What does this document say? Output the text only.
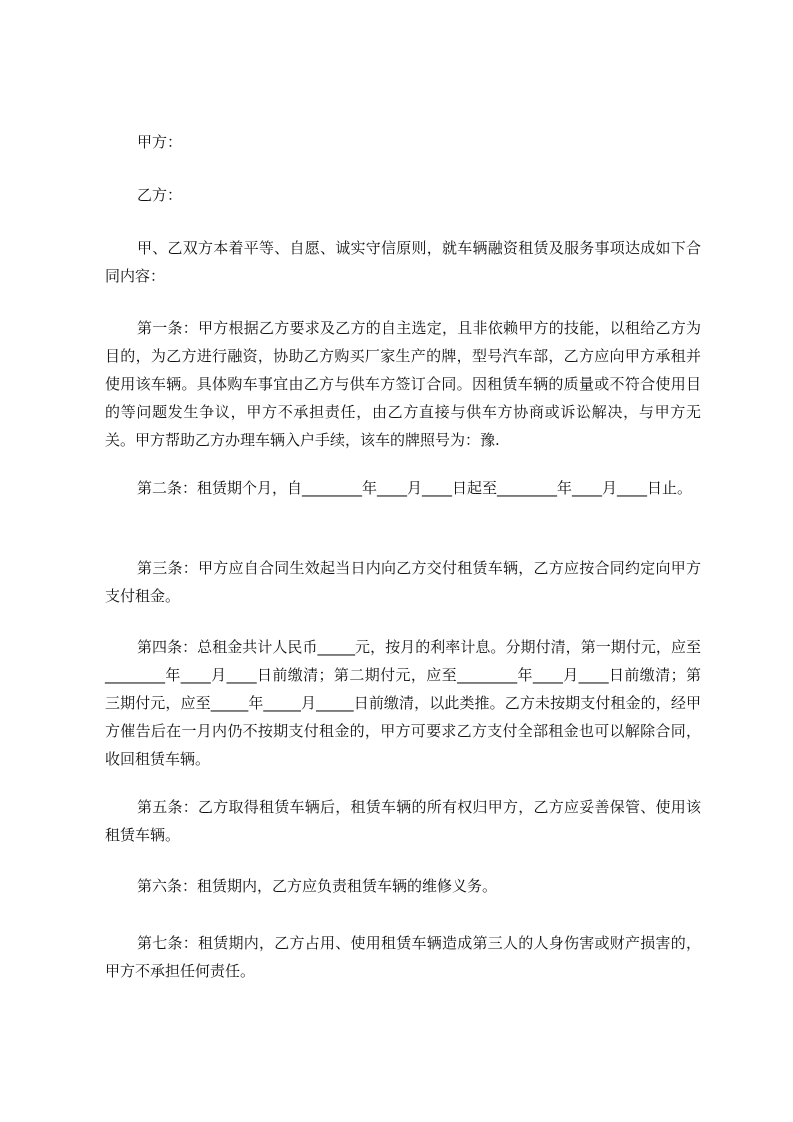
甲方：

乙方：

甲、乙双方本着平等、自愿、诚实守信原则，就车辆融资租赁及服务事项达成如下合同内容：

第一条：甲方根据乙方要求及乙方的自主选定，且非依赖甲方的技能，以租给乙方为目的，为乙方进行融资，协助乙方购买厂家生产的牌，型号汽车部，乙方应向甲方承租并使用该车辆。具体购车事宜由乙方与供车方签订合同。因租赁车辆的质量或不符合使用目的等问题发生争议，甲方不承担责任，由乙方直接与供车方协商或诉讼解决，与甲方无关。甲方帮助乙方办理车辆入户手续，该车的牌照号为：豫.

第二条：租赁期个月，自________年____月____日起至________年____月____日止。

第三条：甲方应自合同生效起当日内向乙方交付租赁车辆，乙方应按合同约定向甲方支付租金。

第四条：总租金共计人民币_____元，按月的利率计息。分期付清，第一期付元，应至________年____月____日前缴清；第二期付元，应至________年____月____日前缴清；第三期付元，应至_____年_____月_____日前缴清，以此类推。乙方未按期支付租金的，经甲方催告后在一月内仍不按期支付租金的，甲方可要求乙方支付全部租金也可以解除合同，收回租赁车辆。

第五条：乙方取得租赁车辆后，租赁车辆的所有权归甲方，乙方应妥善保管、使用该租赁车辆。

第六条：租赁期内，乙方应负责租赁车辆的维修义务。

第七条：租赁期内，乙方占用、使用租赁车辆造成第三人的人身伤害或财产损害的，甲方不承担任何责任。
